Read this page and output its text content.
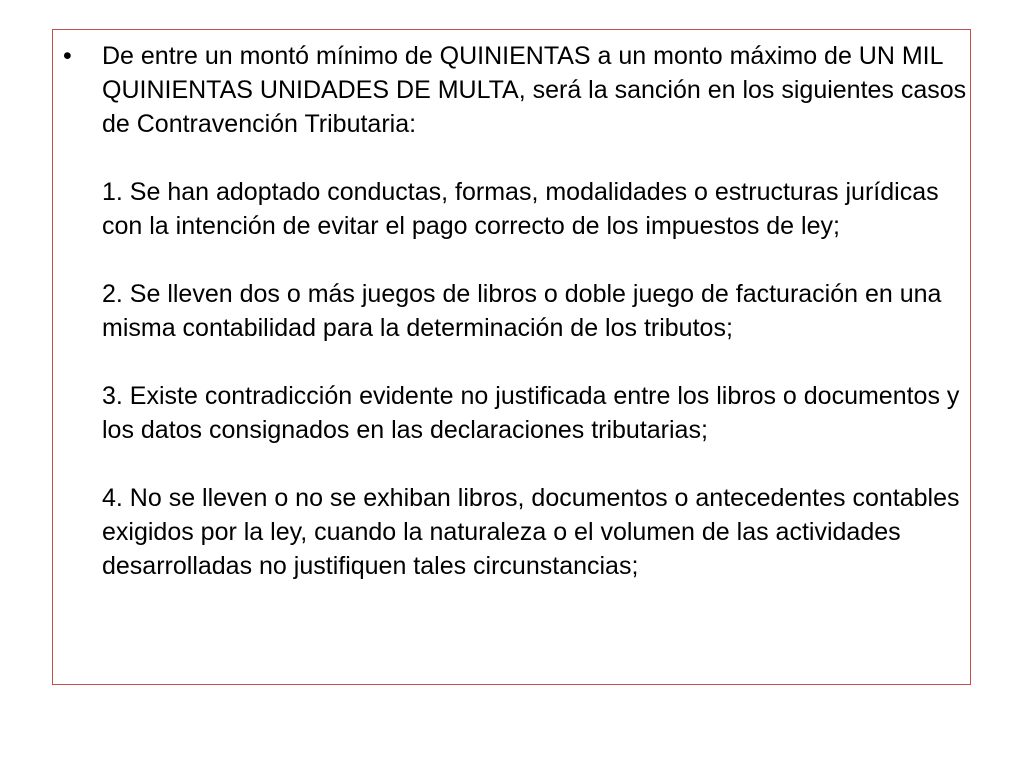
• De entre un montó mínimo de QUINIENTAS a un monto máximo de UN MIL QUINIENTAS UNIDADES DE MULTA, será la sanción en los siguientes casos de Contravención Tributaria:

1. Se han adoptado conductas, formas, modalidades o estructuras jurídicas con la intención de evitar el pago correcto de los impuestos de ley;

2. Se lleven dos o más juegos de libros o doble juego de facturación en una misma contabilidad para la determinación de los tributos;

3. Existe contradicción evidente no justificada entre los libros o documentos y los datos consignados en las declaraciones tributarias;

4. No se lleven o no se exhiban libros, documentos o antecedentes contables exigidos por la ley, cuando la naturaleza o el volumen de las actividades desarrolladas no justifiquen tales circunstancias;
